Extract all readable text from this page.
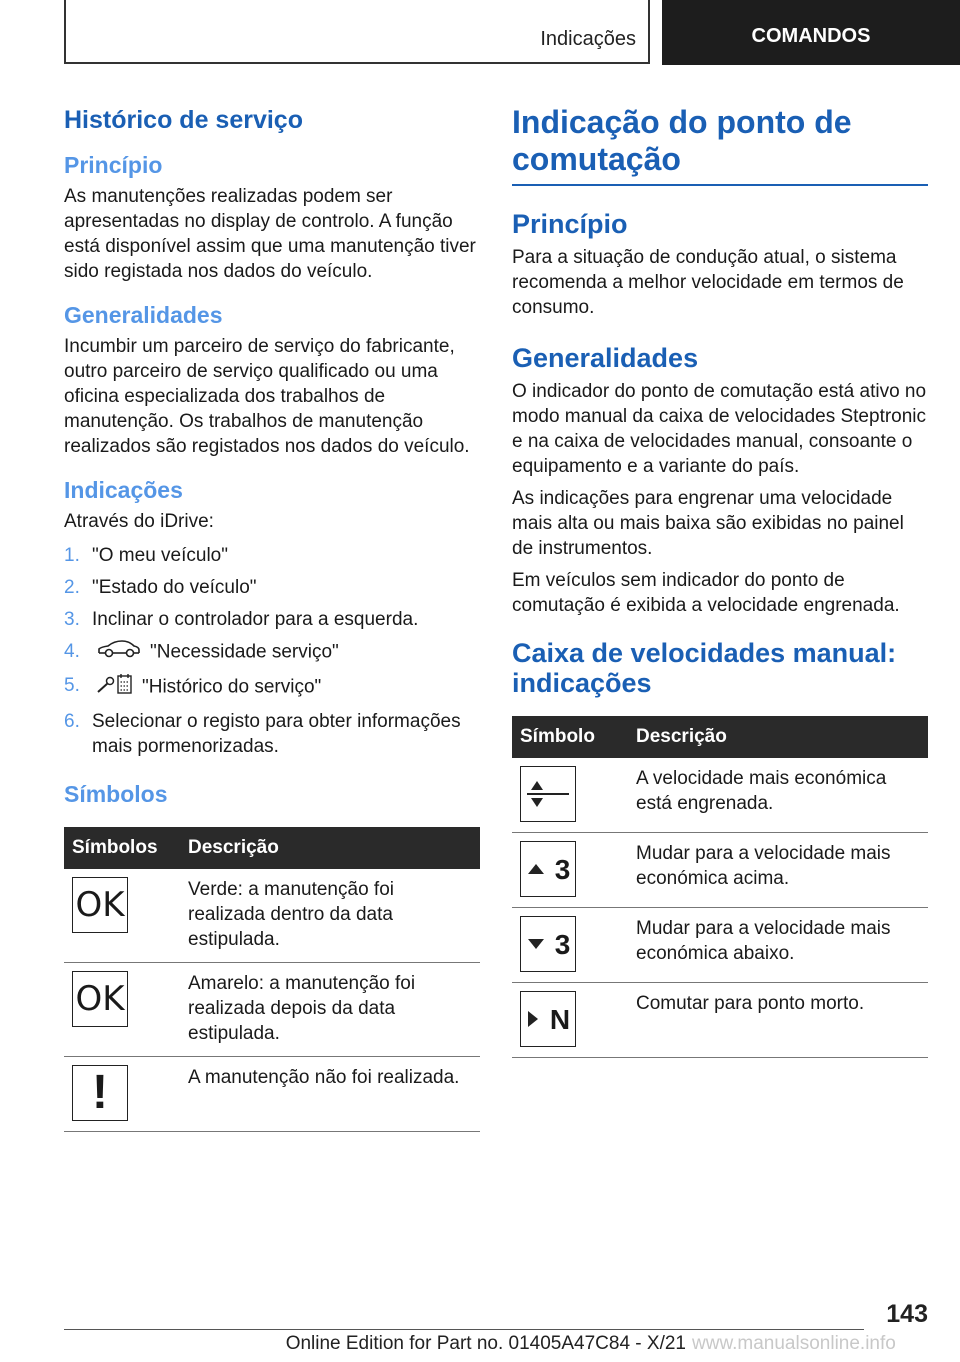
Indicações	COMANDOS
Histórico de serviço
Princípio

As manutenções realizadas podem ser apresentadas no display de controlo. A função está disponível assim que uma manutenção tiver sido registada nos dados do veículo.

Generalidades

Incumbir um parceiro de serviço do fabricante, outro parceiro de serviço qualificado ou uma oficina especializada dos trabalhos de manutenção. Os trabalhos de manutenção realizados são registados nos dados do veículo.

Indicações

Através do iDrive:

1. "O meu veículo"
2. "Estado do veículo"
3. Inclinar o controlador para a esquerda.
4.	"Necessidade serviço"
5.	"Histórico do serviço"
6. Selecionar o registo para obter informações mais pormenorizadas.
Símbolos
Símbolos	Descrição

OK	Verde: a manutenção foi realizada dentro da data estipulada.

OK	Amarelo: a manutenção foi realizada depois da data estipulada.

!	A manutenção não foi realizada.
Indicação do ponto de comutação
Princípio

Para a situação de condução atual, o sistema recomenda a melhor velocidade em termos de consumo.

Generalidades

O indicador do ponto de comutação está ativo no modo manual da caixa de velocidades Steptronic e na caixa de velocidades manual, consoante o equipamento e a variante do país.

As indicações para engrenar uma velocidade mais alta ou mais baixa são exibidas no painel de instrumentos.

Em veículos sem indicador do ponto de comutação é exibida a velocidade engrenada.

Caixa de velocidades manual: indicações
Símbolo	Descrição

	A velocidade mais económica está engrenada.

3	Mudar para a velocidade mais económica acima.

3	Mudar para a velocidade mais económica abaixo.

N	Comutar para ponto morto.
143
Online Edition for Part no. 01405A47C84 - X/21 www.manualsonline.info
